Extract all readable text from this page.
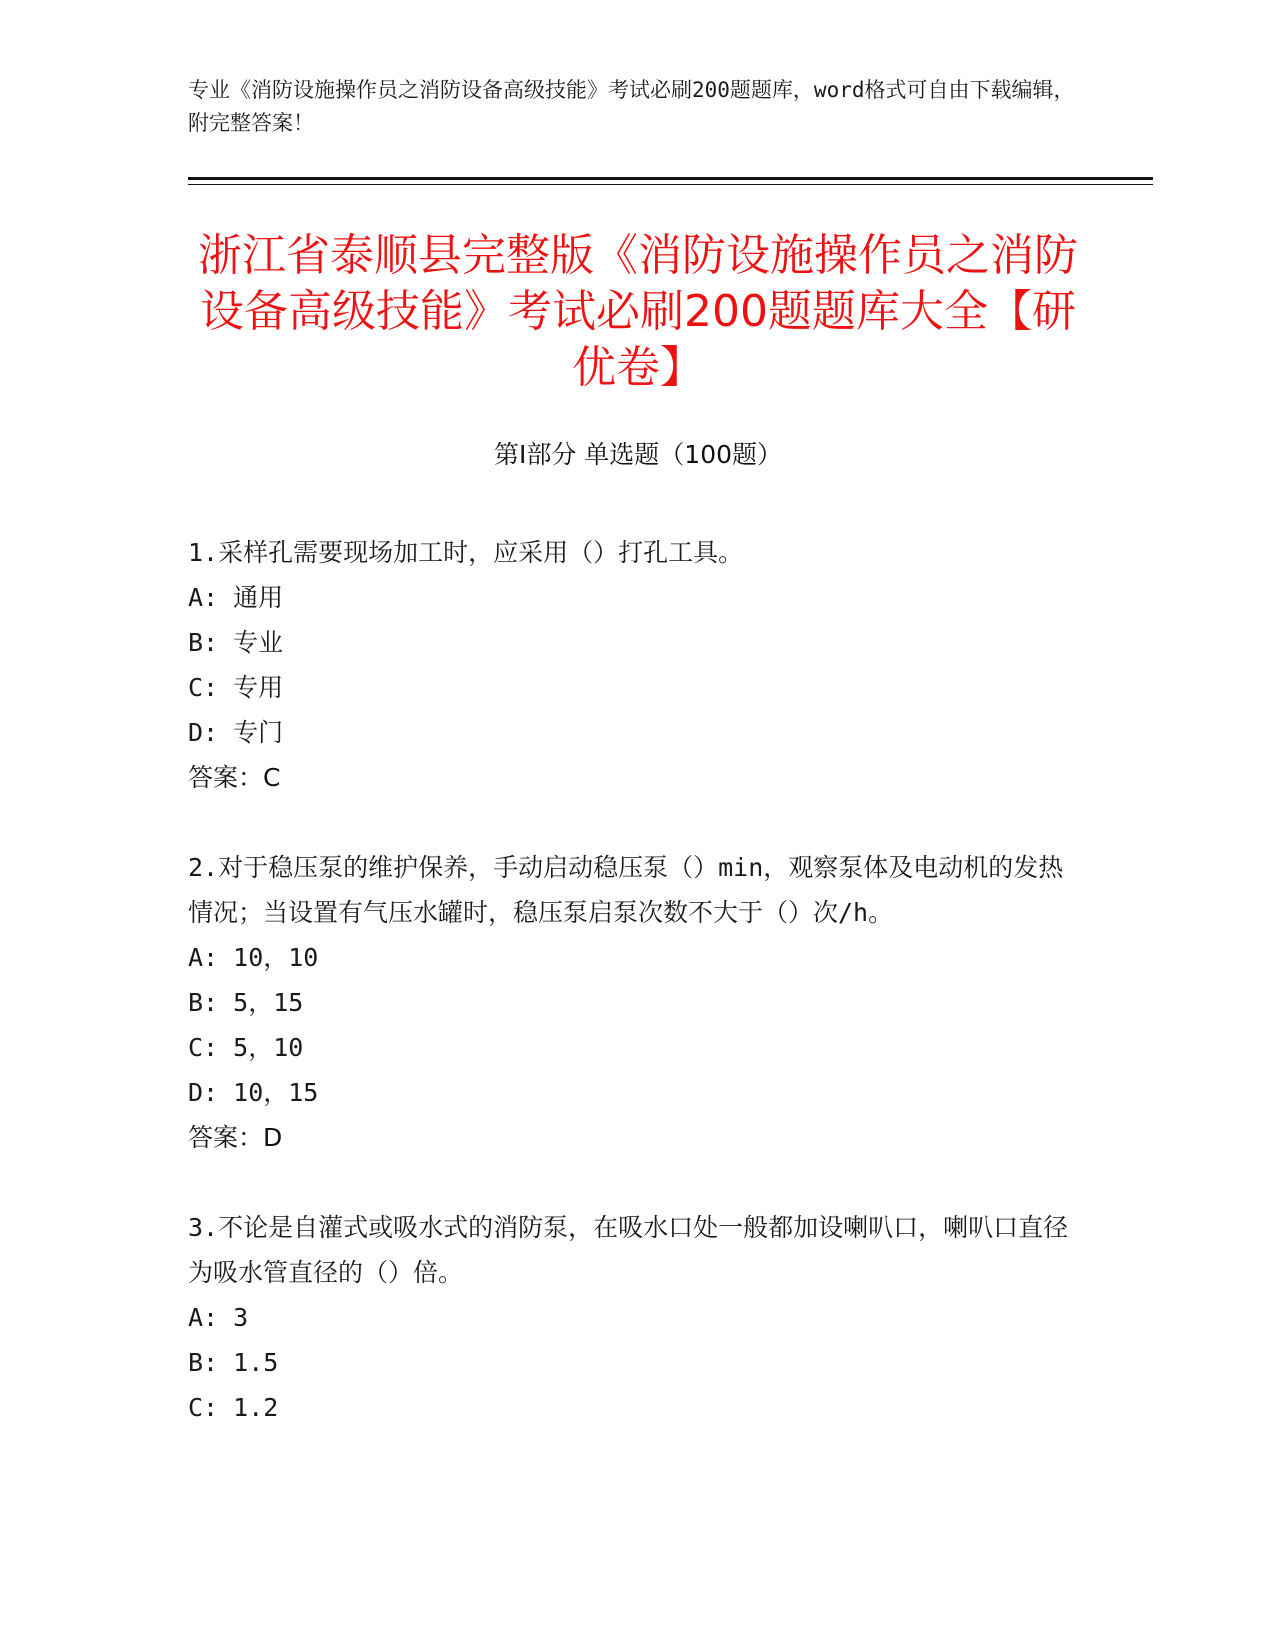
专业《消防设施操作员之消防设备高级技能》考试必刷200题题库，word格式可自由下载编辑，附完整答案！
浙江省泰顺县完整版《消防设施操作员之消防设备高级技能》考试必刷200题题库大全【研优卷】
第Ⅰ部分 单选题（100题）

1.采样孔需要现场加工时，应采用（）打孔工具。

A: 通用

B: 专业

C: 专用

D: 专门

答案：C

2.对于稳压泵的维护保养，手动启动稳压泵（）min，观察泵体及电动机的发热情况；当设置有气压水罐时，稳压泵启泵次数不大于（）次/h。

A: 10，10

B: 5，15

C: 5，10

D: 10，15

答案：D

3.不论是自灌式或吸水式的消防泵，在吸水口处一般都加设喇叭口，喇叭口直径为吸水管直径的（）倍。

A: 3

B: 1.5

C: 1.2
